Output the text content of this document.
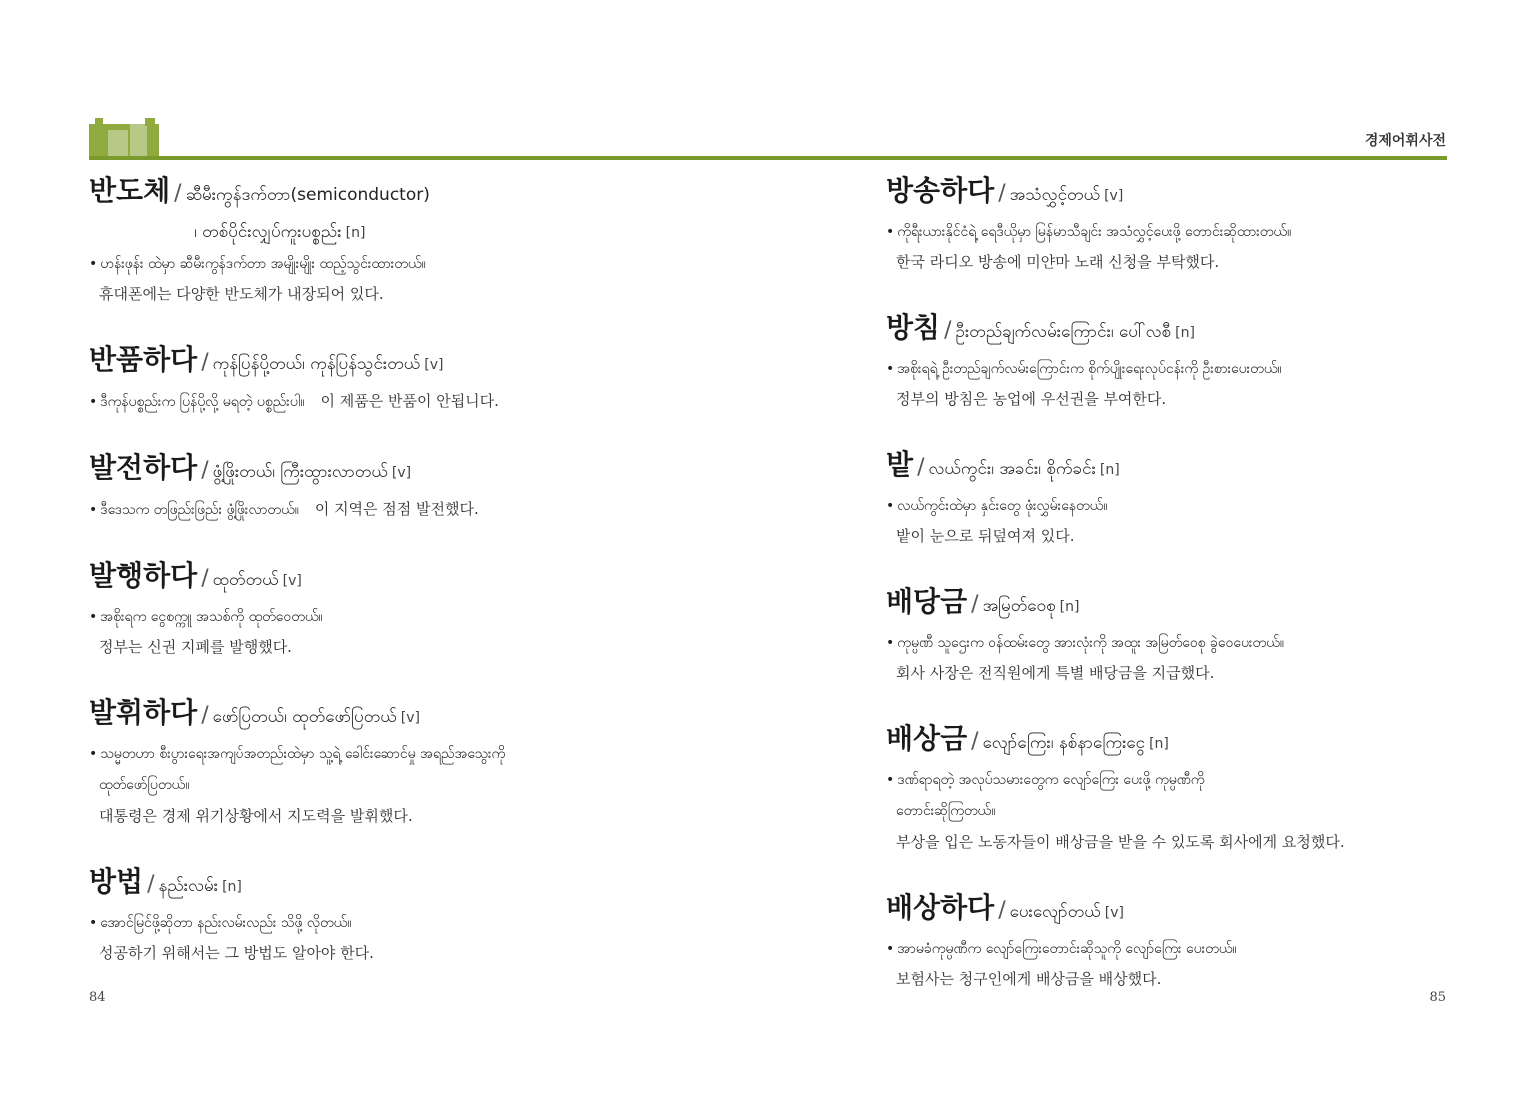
경제어휘사전
반도체 / ဆီမီးကွန်ဒက်တာ(semiconductor)
၊ တစ်ပိုင်းလျှပ်ကူးပစ္စည်း [n]
• ဟန်းဖုန်း ထဲမှာ ဆီမီးကွန်ဒက်တာ အမျိုးမျိုး ထည့်သွင်းထားတယ်။
휴대폰에는 다양한 반도체가 내장되어 있다.
반품하다 / ကုန်ပြန်ပို့တယ်၊ ကုန်ပြန်သွင်းတယ် [v]
• ဒီကုန်ပစ္စည်းက ပြန်ပို့လို့ မရတဲ့ ပစ္စည်းပါ။ 이 제품은 반품이 안됩니다.
발전하다 / ဖွံ့ဖြိုးတယ်၊ ကြီးထွားလာတယ် [v]
• ဒီဒေသက တဖြည်းဖြည်း ဖွံ့ဖြိုးလာတယ်။ 이 지역은 점점 발전했다.
발행하다 / ထုတ်တယ် [v]
• အစိုးရက ငွေစက္ကူ အသစ်ကို ထုတ်ဝေတယ်။
정부는 신권 지폐를 발행했다.
발휘하다 / ဖော်ပြတယ်၊ ထုတ်ဖော်ပြတယ် [v]
• သမ္မတဟာ စီးပွားရေးအကျပ်အတည်းထဲမှာ သူ့ရဲ့ ခေါင်းဆောင်မှု အရည်အသွေးကို
ထုတ်ဖော်ပြတယ်။
대통령은 경제 위기상황에서 지도력을 발휘했다.
방법 / နည်းလမ်း [n]
• အောင်မြင်ဖို့ဆိုတာ နည်းလမ်းလည်း သိဖို့ လိုတယ်။
성공하기 위해서는 그 방법도 알아야 한다.
방송하다 / အသံလွှင့်တယ် [v]
• ကိုရီးယားနိုင်ငံရဲ့ ရေဒီယိုမှာ မြန်မာသီချင်း အသံလွှင့်ပေးဖို့ တောင်းဆိုထားတယ်။
한국 라디오 방송에 미얀마 노래 신청을 부탁했다.
방침 / ဦးတည်ချက်လမ်းကြောင်း၊ ပေါ်လစီ [n]
• အစိုးရရဲ့ ဦးတည်ချက်လမ်းကြောင်းက စိုက်ပျိုးရေးလုပ်ငန်းကို ဦးစားပေးတယ်။
정부의 방침은 농업에 우선권을 부여한다.
밭 / လယ်ကွင်း၊ အခင်း၊ စိုက်ခင်း [n]
• လယ်ကွင်းထဲမှာ နှင်းတွေ ဖုံးလွှမ်းနေတယ်။
밭이 눈으로 뒤덮여져 있다.
배당금 / အမြတ်ဝေစု [n]
• ကုမ္ပဏီ သူဌေးက ဝန်ထမ်းတွေ အားလုံးကို အထူး အမြတ်ဝေစု ခွဲဝေပေးတယ်။
회사 사장은 전직원에게 특별 배당금을 지급했다.
배상금 / လျော်ကြေး၊ နစ်နာကြေးငွေ [n]
• ဒဏ်ရာရတဲ့ အလုပ်သမားတွေက လျော်ကြေး ပေးဖို့ ကုမ္ပဏီကို
တောင်းဆိုကြတယ်။
부상을 입은 노동자들이 배상금을 받을 수 있도록 회사에게 요청했다.
배상하다 / ပေးလျော်တယ် [v]
• အာမခံကုမ္ပဏီက လျော်ကြေးတောင်းဆိုသူကို လျော်ကြေး ပေးတယ်။
보험사는 청구인에게 배상금을 배상했다.
84	85
